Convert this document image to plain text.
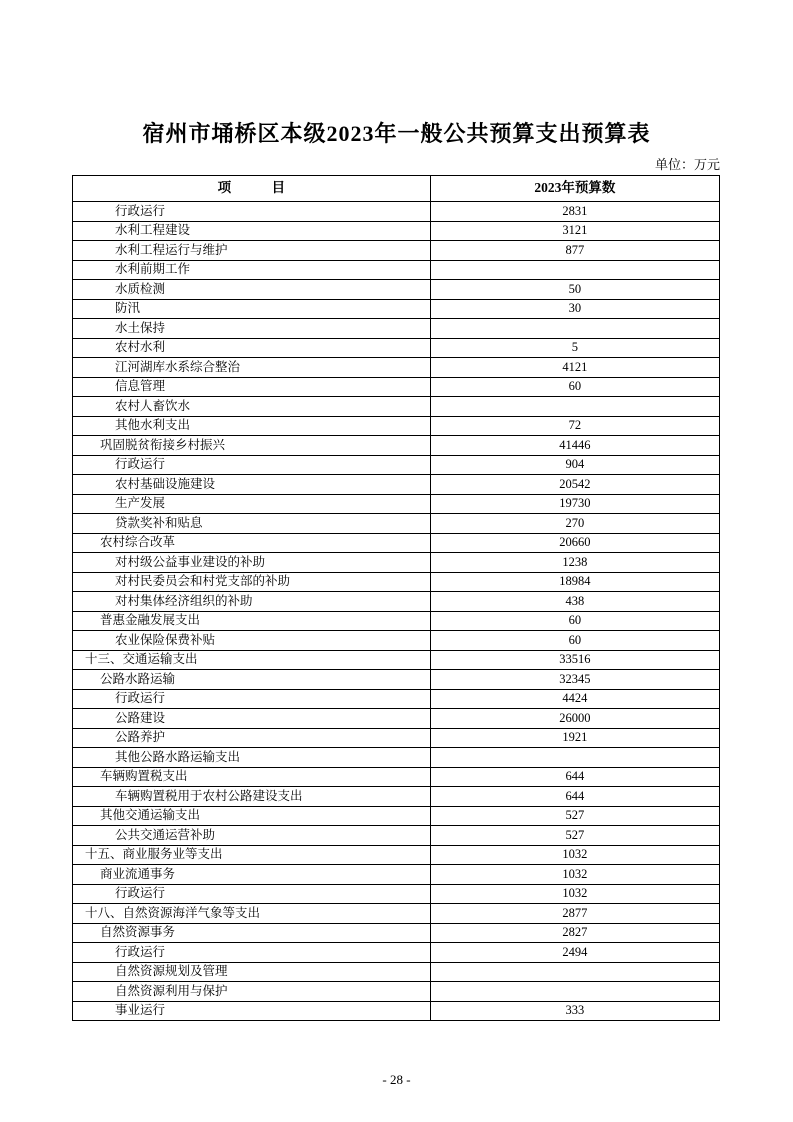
宿州市埇桥区本级2023年一般公共预算支出预算表
单位：万元
项　　　目	2023年预算数
行政运行	2831
水利工程建设	3121
水利工程运行与维护	877
水利前期工作	
水质检测	50
防汛	30
水土保持	
农村水利	5
江河湖库水系综合整治	4121
信息管理	60
农村人畜饮水	
其他水利支出	72
巩固脱贫衔接乡村振兴	41446
行政运行	904
农村基础设施建设	20542
生产发展	19730
贷款奖补和贴息	270
农村综合改革	20660
对村级公益事业建设的补助	1238
对村民委员会和村党支部的补助	18984
对村集体经济组织的补助	438
普惠金融发展支出	60
农业保险保费补贴	60
十三、交通运输支出	33516
公路水路运输	32345
行政运行	4424
公路建设	26000
公路养护	1921
其他公路水路运输支出	
车辆购置税支出	644
车辆购置税用于农村公路建设支出	644
其他交通运输支出	527
公共交通运营补助	527
十五、商业服务业等支出	1032
商业流通事务	1032
行政运行	1032
十八、自然资源海洋气象等支出	2877
自然资源事务	2827
行政运行	2494
自然资源规划及管理	
自然资源利用与保护	
事业运行	333
- 28 -
